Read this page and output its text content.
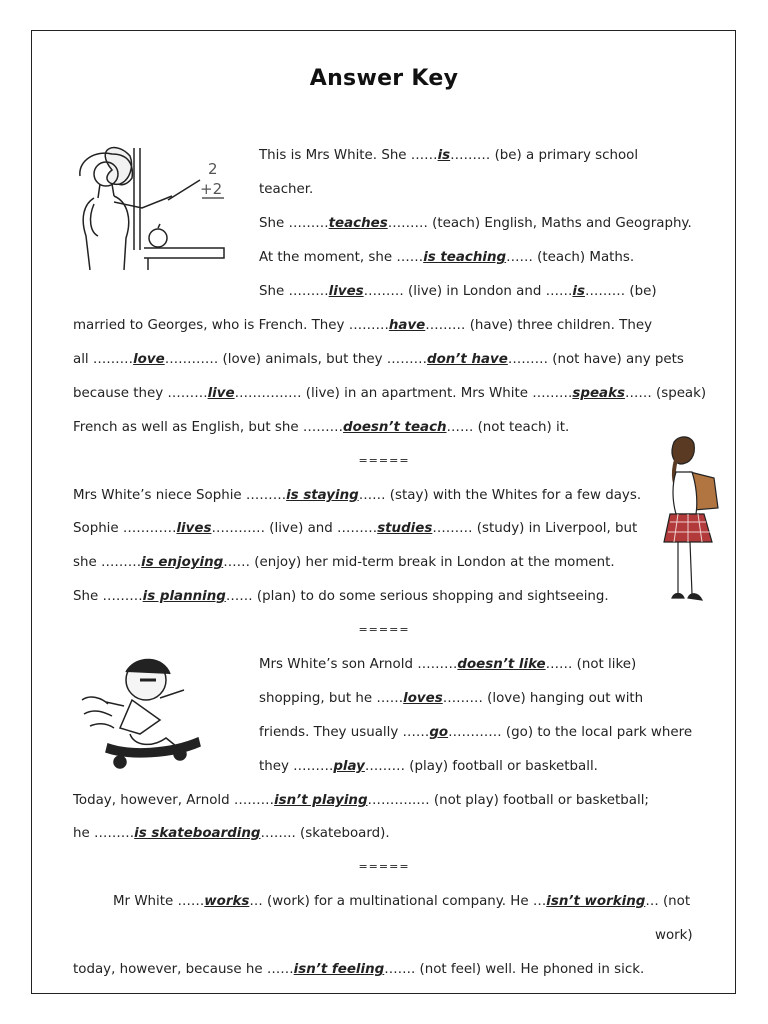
Answer Key
2
+2
This is Mrs White. She ……is……… (be) a primary school
teacher.
She ………teaches……… (teach) English, Maths and Geography.
At the moment, she ……is teaching…… (teach) Maths.
She ………lives……… (live) in London and ……is……… (be)
married to Georges, who is French. They ………have……… (have) three children. They
all ………love………… (love) animals, but they ………don’t have……… (not have) any pets
because they ………live…………… (live) in an apartment. Mrs White ………speaks…… (speak)
French as well as English, but she ………doesn’t teach…… (not teach) it.
Mrs White’s niece Sophie ………is staying…… (stay) with the Whites for a few days.
Sophie …………lives………… (live) and ………studies……… (study) in Liverpool, but
she ………is enjoying…… (enjoy) her mid-term break in London at the moment.
She ………is planning…… (plan) to do some serious shopping and sightseeing.
Mrs White’s son Arnold ………doesn’t like…… (not like)
shopping, but he ……loves……… (love) hanging out with
friends. They usually ……go………… (go) to the local park where
they ………play……… (play) football or basketball.
Today, however, Arnold ………isn’t playing………..… (not play) football or basketball;
he ………is skateboarding…….. (skateboard).
Mr White ……works… (work) for a multinational company. He …isn’t working… (not
work)
today, however, because he ……isn’t feeling……. (not feel) well. He phoned in sick.
=====
=====
=====
